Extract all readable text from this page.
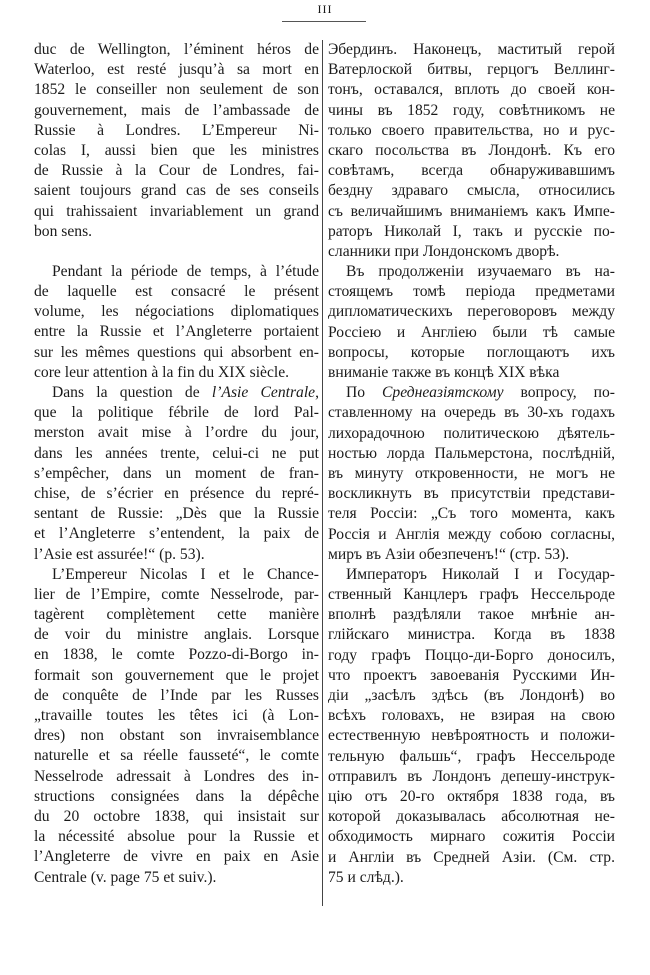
III
duc de Wellington, l’éminent héros de
Waterloo, est resté jusqu’à sa mort en
1852 le conseiller non seulement de son
gouvernement, mais de l’ambassade de
Russie à Londres. L’Empereur Ni-
colas I, aussi bien que les ministres
de Russie à la Cour de Londres, fai-
saient toujours grand cas de ses conseils
qui trahissaient invariablement un grand
bon sens.
Pendant la période de temps, à l’étude
de laquelle est consacré le présent
volume, les négociations diplomatiques
entre la Russie et l’Angleterre portaient
sur les mêmes questions qui absorbent en-
core leur attention à la fin du XIX siècle.
Dans la question de l’Asie Centrale,
que la politique fébrile de lord Pal-
merston avait mise à l’ordre du jour,
dans les années trente, celui-ci ne put
s’empêcher, dans un moment de fran-
chise, de s’écrier en présence du repré-
sentant de Russie: „Dès que la Russie
et l’Angleterre s’entendent, la paix de
l’Asie est assurée!“ (p. 53).
L’Empereur Nicolas I et le Chance-
lier de l’Empire, comte Nesselrode, par-
tagèrent complètement cette manière
de voir du ministre anglais. Lorsque
en 1838, le comte Pozzo-di-Borgo in-
formait son gouvernement que le projet
de conquête de l’Inde par les Russes
„travaille toutes les têtes ici (à Lon-
dres) non obstant son invraisemblance
naturelle et sa réelle fausseté“, le comte
Nesselrode adressait à Londres des in-
structions consignées dans la dépêche
du 20 octobre 1838, qui insistait sur
la nécessité absolue pour la Russie et
l’Angleterre de vivre en paix en Asie
Centrale (v. page 75 et suiv.).
Эбердинъ. Наконецъ, маститый герой
Ватерлоской битвы, герцогъ Веллинг-
тонъ, оставался, вплоть до своей кон-
чины въ 1852 году, совѣтникомъ не
только своего правительства, но и рус-
скаго посольства въ Лондонѣ. Къ его
совѣтамъ, всегда обнаруживавшимъ
бездну здраваго смысла, относились
съ величайшимъ вниманіемъ какъ Импе-
раторъ Николай I, такъ и русскіе по-
сланники при Лондонскомъ дворѣ.
Въ продолженіи изучаемаго въ на-
стоящемъ томѣ періода предметами
дипломатическихъ переговоровъ между
Россіею и Англіею были тѣ самые
вопросы, которые поглощаютъ ихъ
вниманіе также въ концѣ XIX вѣка
По Среднеазіятскому вопросу, по-
ставленному на очередь въ 30-хъ годахъ
лихорадочною политическою дѣятель-
ностью лорда Пальмерстона, послѣдній,
въ минуту откровенности, не могъ не
воскликнуть въ присутствіи представи-
теля Россіи: „Съ того момента, какъ
Россія и Англія между собою согласны,
миръ въ Азіи обезпеченъ!“ (стр. 53).
Императоръ Николай I и Государ-
ственный Канцлеръ графъ Нессельроде
вполнѣ раздѣляли такое мнѣніе ан-
глійскаго министра. Когда въ 1838
году графъ Поццо-ди-Борго доносилъ,
что проектъ завоеванія Русскими Ин-
діи „засѣлъ здѣсь (въ Лондонѣ) во
всѣхъ головахъ, не взирая на свою
естественную невѣроятность и положи-
тельную фальшь“, графъ Нессельроде
отправилъ въ Лондонъ депешу-инструк-
цію отъ 20-го октября 1838 года, въ
которой доказывалась абсолютная не-
обходимость мирнаго сожитія Россіи
и Англіи въ Средней Азіи. (См. стр.
75 и слѣд.).
